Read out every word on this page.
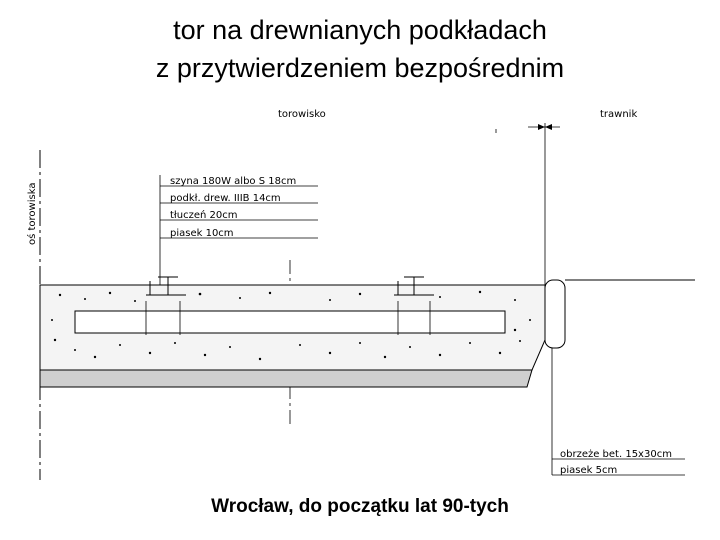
tor na drewnianych podkładach
z przytwierdzeniem bezpośrednim
torowisko	trawnik
oś torowiska
szyna 180W albo S 18cm
podkł. drew. IIIB 14cm
tłuczeń 20cm
piasek 10cm
obrzeże bet. 15x30cm
piasek 5cm
Wrocław, do początku lat 90-tych
